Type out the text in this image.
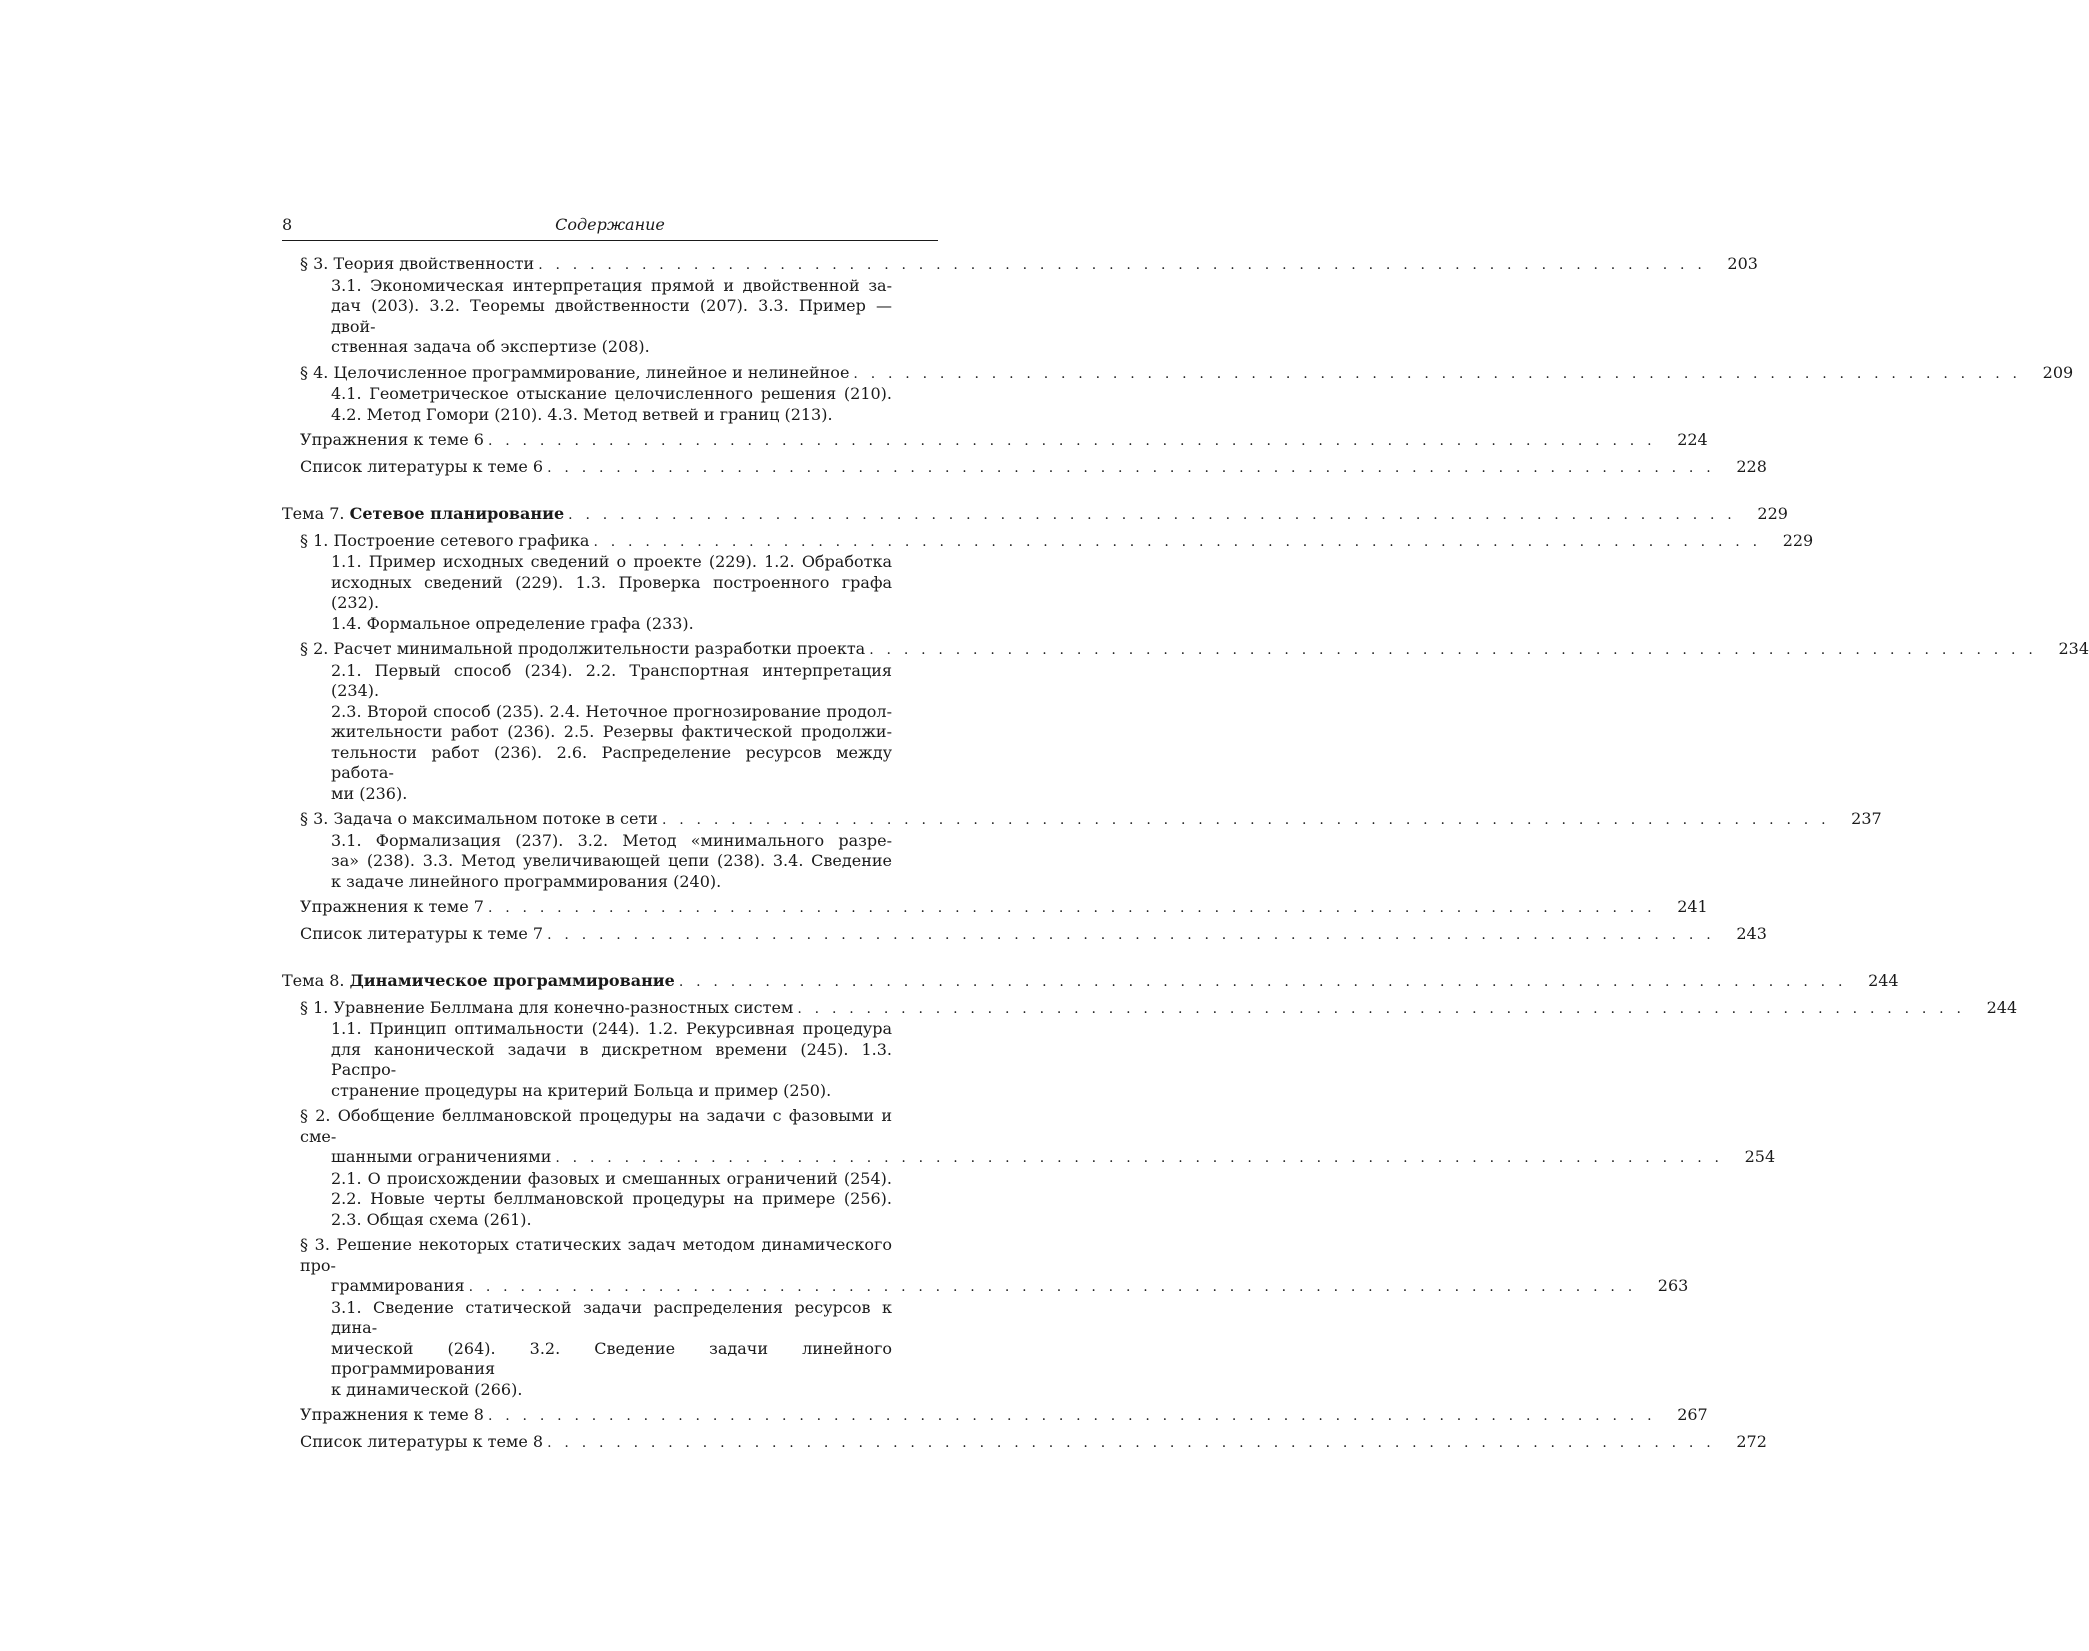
8	Содержание
§ 3. Теория двойственности . . . . . . . . . . . . . . . . . . . . . . . . . . . . . . . . . . . . . . . . . . . . . . . . . . . . . . . . . . . . . . . . . . . .	203
3.1. Экономическая интерпретация прямой и двойственной за-
дач (203). 3.2. Теоремы двойственности (207). 3.3. Пример — двой-
ственная задача об экспертизе (208).
§ 4. Целочисленное программирование, линейное и нелинейное . . . . . . . . . . . . . . . . . . . . . . . . . . . . . . . . . . . . . . . . . . . . . . . . . . . . . . . . . . . . . . . . . . . .	209
4.1. Геометрическое отыскание целочисленного решения (210).
4.2. Метод Гомори (210). 4.3. Метод ветвей и границ (213).
Упражнения к теме 6 . . . . . . . . . . . . . . . . . . . . . . . . . . . . . . . . . . . . . . . . . . . . . . . . . . . . . . . . . . . . . . . . . . . .	224
Список литературы к теме 6 . . . . . . . . . . . . . . . . . . . . . . . . . . . . . . . . . . . . . . . . . . . . . . . . . . . . . . . . . . . . . . . . . . . .	228
Тема 7. Сетевое планирование . . . . . . . . . . . . . . . . . . . . . . . . . . . . . . . . . . . . . . . . . . . . . . . . . . . . . . . . . . . . . . . . . . . .	229
§ 1. Построение сетевого графика . . . . . . . . . . . . . . . . . . . . . . . . . . . . . . . . . . . . . . . . . . . . . . . . . . . . . . . . . . . . . . . . . . . .	229
1.1. Пример исходных сведений о проекте (229). 1.2. Обработка
исходных сведений (229). 1.3. Проверка построенного графа (232).
1.4. Формальное определение графа (233).
§ 2. Расчет минимальной продолжительности разработки проекта . . . . . . . . . . . . . . . . . . . . . . . . . . . . . . . . . . . . . . . . . . . . . . . . . . . . . . . . . . . . . . . . . . . .	234
2.1. Первый способ (234). 2.2. Транспортная интерпретация (234).
2.3. Второй способ (235). 2.4. Неточное прогнозирование продол-
жительности работ (236). 2.5. Резервы фактической продолжи-
тельности работ (236). 2.6. Распределение ресурсов между работа-
ми (236).
§ 3. Задача о максимальном потоке в сети . . . . . . . . . . . . . . . . . . . . . . . . . . . . . . . . . . . . . . . . . . . . . . . . . . . . . . . . . . . . . . . . . . . .	237
3.1. Формализация (237). 3.2. Метод «минимального разре-
за» (238). 3.3. Метод увеличивающей цепи (238). 3.4. Сведение
к задаче линейного программирования (240).
Упражнения к теме 7 . . . . . . . . . . . . . . . . . . . . . . . . . . . . . . . . . . . . . . . . . . . . . . . . . . . . . . . . . . . . . . . . . . . .	241
Список литературы к теме 7 . . . . . . . . . . . . . . . . . . . . . . . . . . . . . . . . . . . . . . . . . . . . . . . . . . . . . . . . . . . . . . . . . . . .	243
Тема 8. Динамическое программирование . . . . . . . . . . . . . . . . . . . . . . . . . . . . . . . . . . . . . . . . . . . . . . . . . . . . . . . . . . . . . . . . . . . .	244
§ 1. Уравнение Беллмана для конечно-разностных систем . . . . . . . . . . . . . . . . . . . . . . . . . . . . . . . . . . . . . . . . . . . . . . . . . . . . . . . . . . . . . . . . . . . .	244
1.1. Принцип оптимальности (244). 1.2. Рекурсивная процедура
для канонической задачи в дискретном времени (245). 1.3. Распро-
странение процедуры на критерий Больца и пример (250).
§ 2. Обобщение беллмановской процедуры на задачи с фазовыми и сме-
шанными ограничениями . . . . . . . . . . . . . . . . . . . . . . . . . . . . . . . . . . . . . . . . . . . . . . . . . . . . . . . . . . . . . . . . . . . .	254
2.1. О происхождении фазовых и смешанных ограничений (254).
2.2. Новые черты беллмановской процедуры на примере (256).
2.3. Общая схема (261).
§ 3. Решение некоторых статических задач методом динамического про-
граммирования . . . . . . . . . . . . . . . . . . . . . . . . . . . . . . . . . . . . . . . . . . . . . . . . . . . . . . . . . . . . . . . . . . . .	263
3.1. Сведение статической задачи распределения ресурсов к дина-
мической (264). 3.2. Сведение задачи линейного программирования
к динамической (266).
Упражнения к теме 8 . . . . . . . . . . . . . . . . . . . . . . . . . . . . . . . . . . . . . . . . . . . . . . . . . . . . . . . . . . . . . . . . . . . .	267
Список литературы к теме 8 . . . . . . . . . . . . . . . . . . . . . . . . . . . . . . . . . . . . . . . . . . . . . . . . . . . . . . . . . . . . . . . . . . . .	272
